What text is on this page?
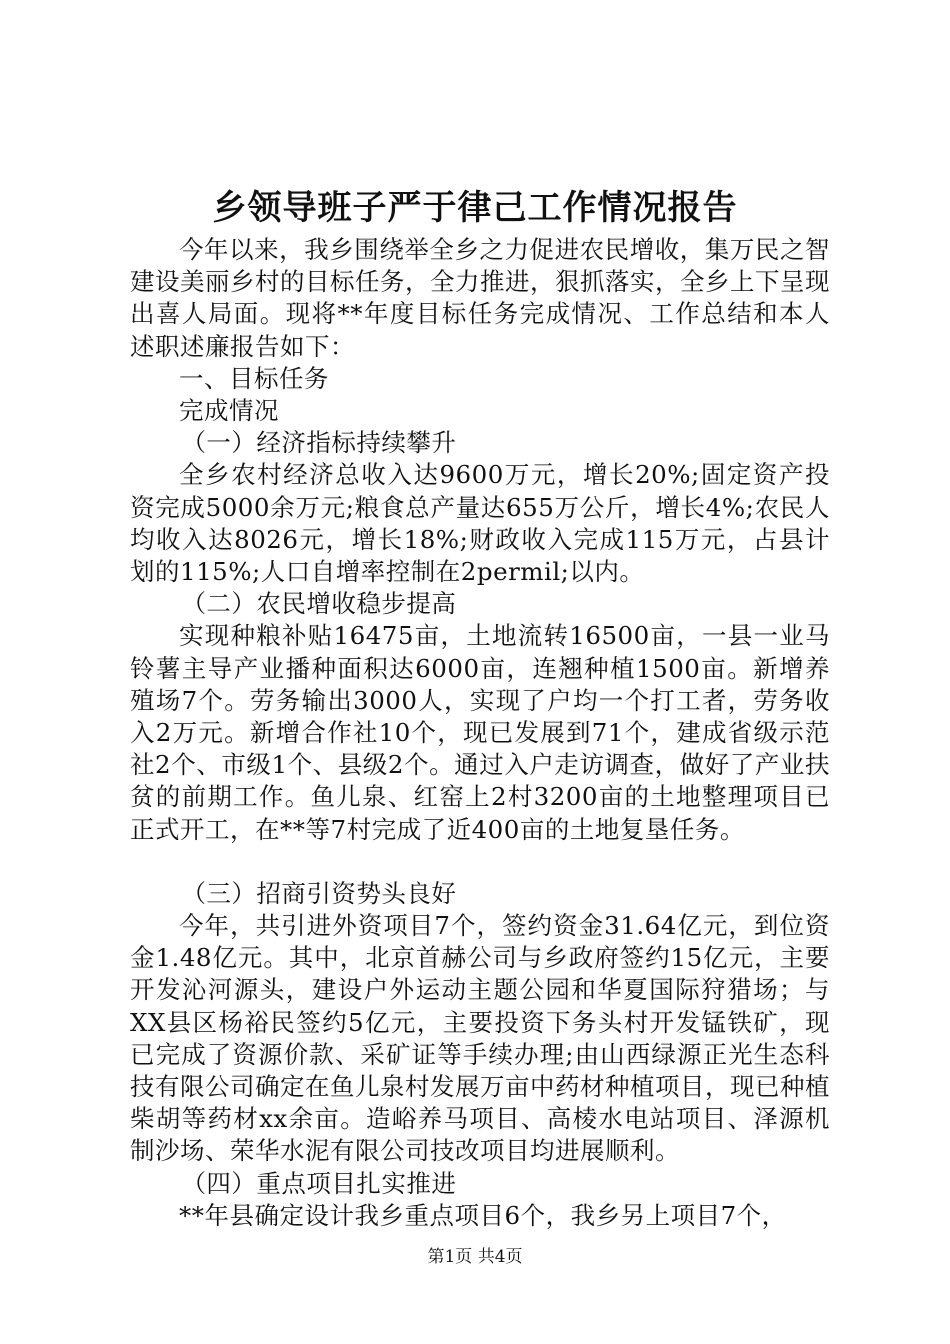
乡领导班子严于律己工作情况报告

今年以来，我乡围绕举全乡之力促进农民增收，集万民之智建设美丽乡村的目标任务，全力推进，狠抓落实，全乡上下呈现出喜人局面。现将**年度目标任务完成情况、工作总结和本人述职述廉报告如下：

一、目标任务

完成情况

（一）经济指标持续攀升

全乡农村经济总收入达9600万元，增长20%;固定资产投资完成5000余万元;粮食总产量达655万公斤，增长4%;农民人均收入达8026元，增长18%;财政收入完成115万元，占县计划的115%;人口自增率控制在2permil;以内。

（二）农民增收稳步提高

实现种粮补贴16475亩，土地流转16500亩，一县一业马铃薯主导产业播种面积达6000亩，连翘种植1500亩。新增养殖场7个。劳务输出3000人，实现了户均一个打工者，劳务收入2万元。新增合作社10个，现已发展到71个，建成省级示范社2个、市级1个、县级2个。通过入户走访调查，做好了产业扶贫的前期工作。鱼儿泉、红窑上2村3200亩的土地整理项目已正式开工，在**等7村完成了近400亩的土地复垦任务。

（三）招商引资势头良好

今年，共引进外资项目7个，签约资金31.64亿元，到位资金1.48亿元。其中，北京首赫公司与乡政府签约15亿元，主要开发沁河源头，建设户外运动主题公园和华夏国际狩猎场；与XX县区杨裕民签约5亿元，主要投资下务头村开发锰铁矿，现已完成了资源价款、采矿证等手续办理;由山西绿源正光生态科技有限公司确定在鱼儿泉村发展万亩中药材种植项目，现已种植柴胡等药材xx余亩。造峪养马项目、高棱水电站项目、泽源机制沙场、荣华水泥有限公司技改项目均进展顺利。

（四）重点项目扎实推进

**年县确定设计我乡重点项目6个，我乡另上项目7个，

第1页 共4页
